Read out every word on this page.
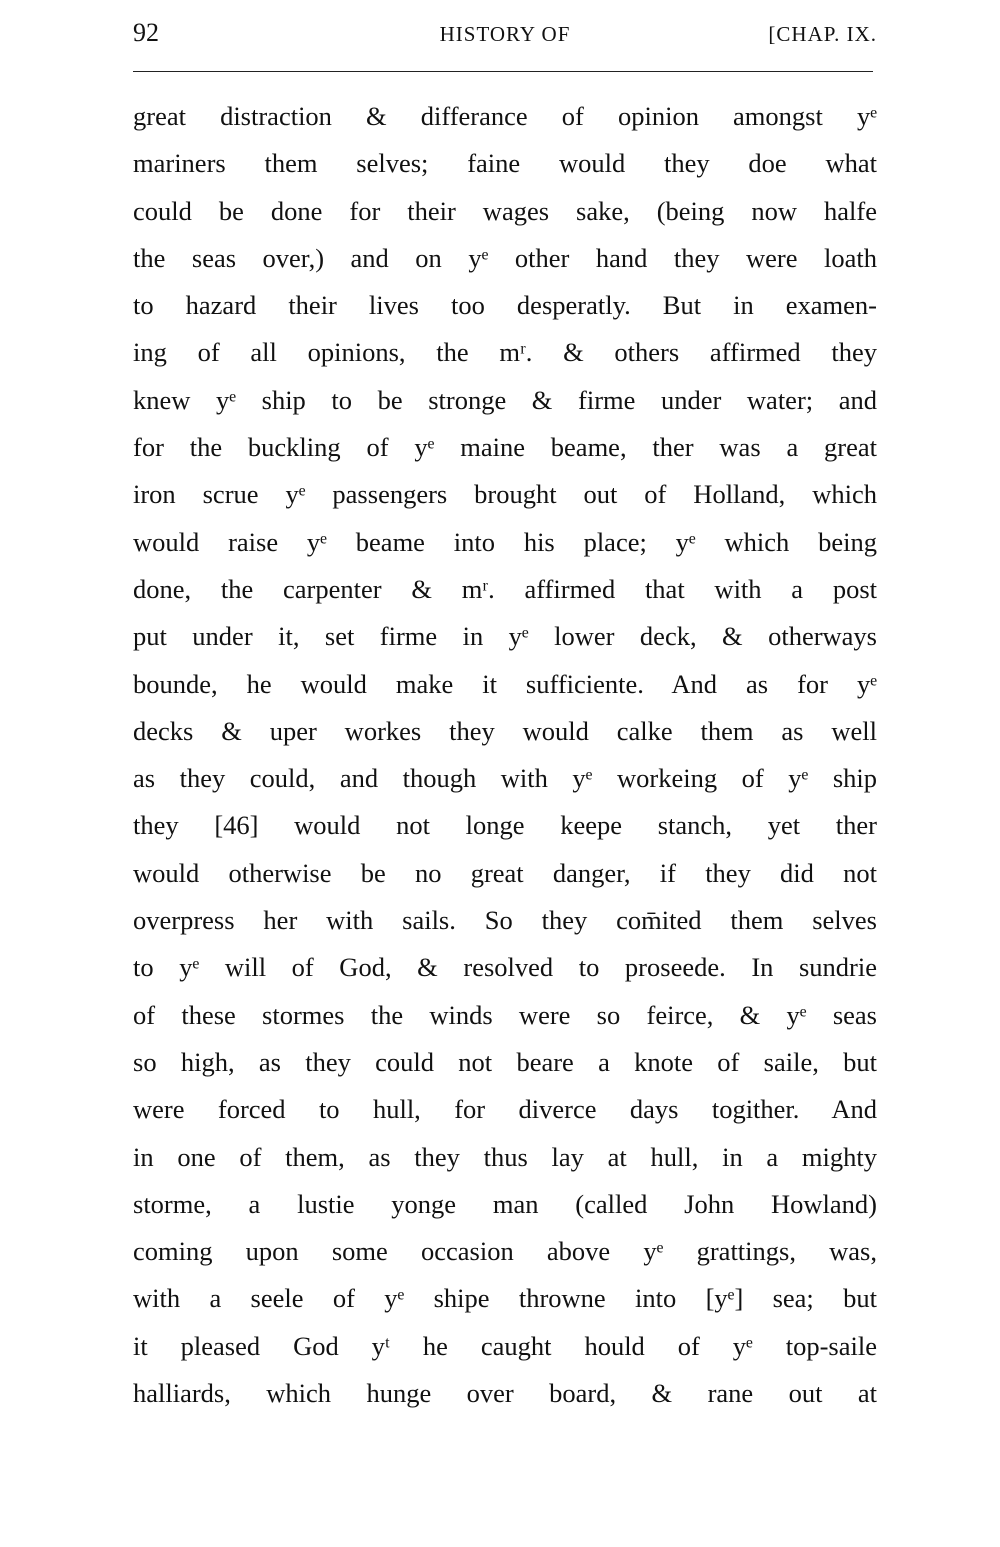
92	HISTORY OF	[CHAP. IX.
great distraction & differance of opinion amongst yᵉ
mariners them selves; faine would they doe what
could be done for their wages sake, (being now halfe
the seas over,) and on yᵉ other hand they were loath
to hazard their lives too desperatly. But in examen-
ing of all opinions, the mʳ. & others affirmed they
knew yᵉ ship to be stronge & firme under water; and
for the buckling of yᵉ maine beame, ther was a great
iron scrue yᵉ passengers brought out of Holland, which
would raise yᵉ beame into his place; yᵉ which being
done, the carpenter & mʳ. affirmed that with a post
put under it, set firme in yᵉ lower deck, & otherways
bounde, he would make it sufficiente. And as for yᵉ
decks & uper workes they would calke them as well
as they could, and though with yᵉ workeing of yᵉ ship
they [46] would not longe keepe stanch, yet ther
would otherwise be no great danger, if they did not
overpress her with sails. So they com̄ited them selves
to yᵉ will of God, & resolved to proseede. In sundrie
of these stormes the winds were so feirce, & yᵉ seas
so high, as they could not beare a knote of saile, but
were forced to hull, for diverce days togither. And
in one of them, as they thus lay at hull, in a mighty
storme, a lustie yonge man (called John Howland)
coming upon some occasion above yᵉ grattings, was,
with a seele of yᵉ shipe throwne into [yᵉ] sea; but
it pleased God yᵗ he caught hould of yᵉ top-saile
halliards, which hunge over board, & rane out at
